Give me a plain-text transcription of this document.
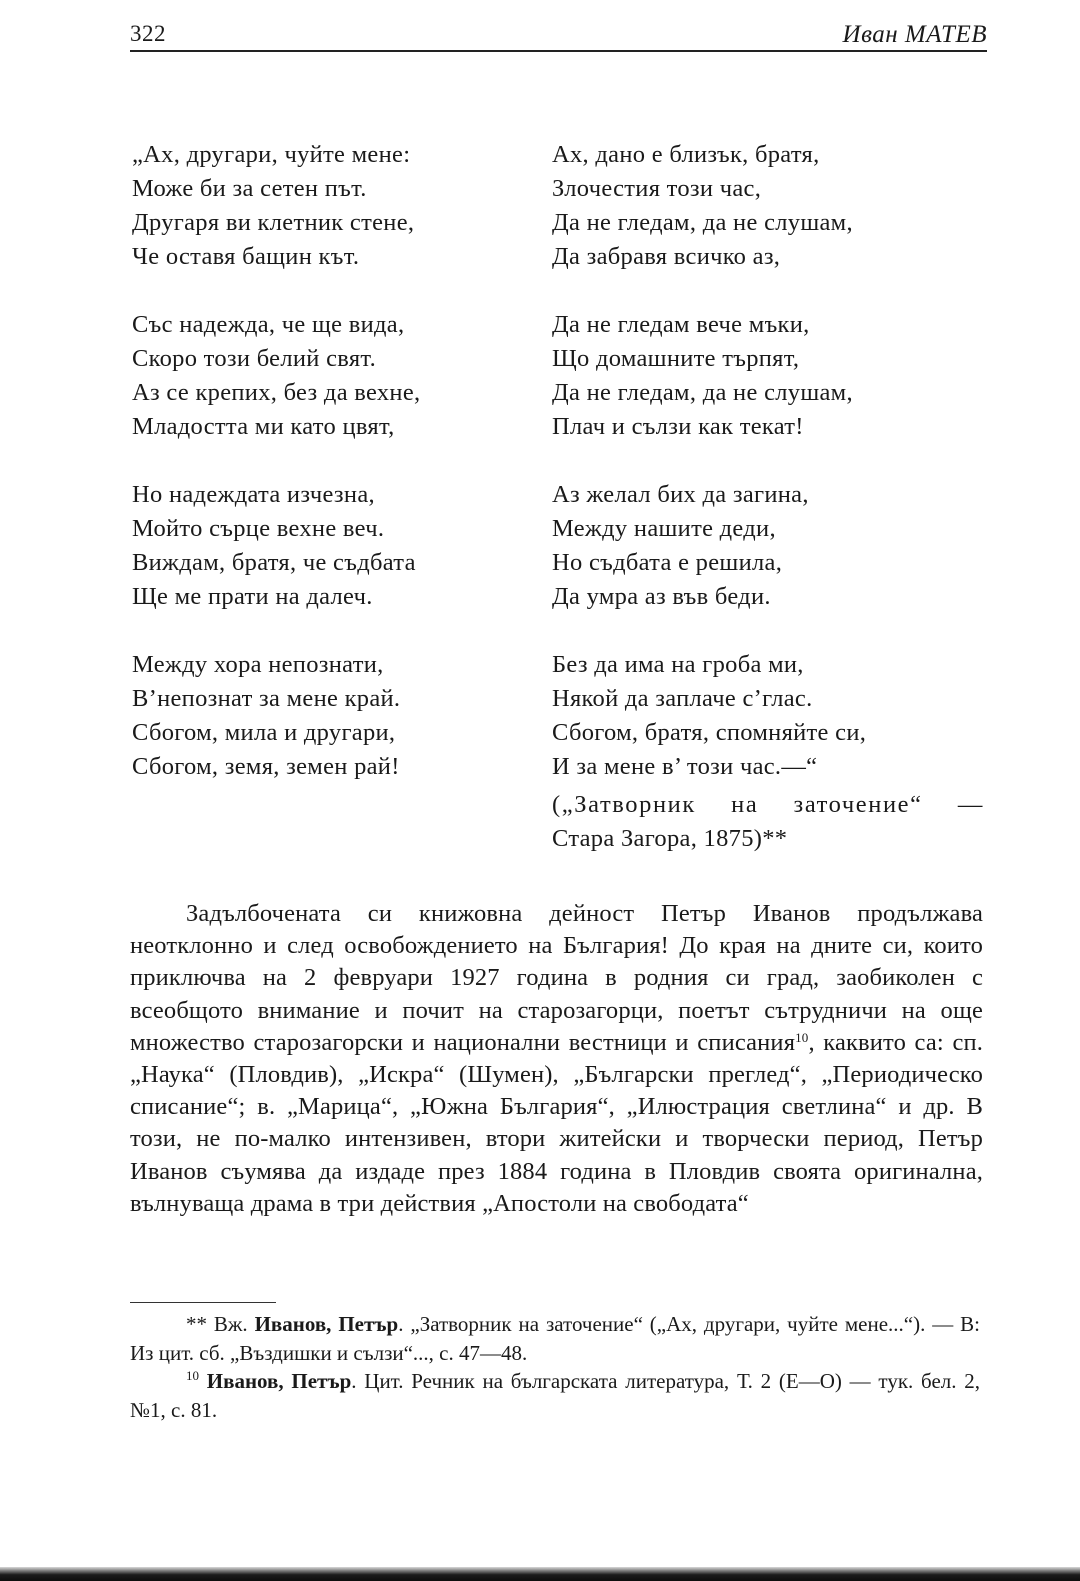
322	Иван МАТЕВ
„Ах, другари, чуйте мене:
Може би за сетен път.
Другаря ви клетник стене,
Че оставя бащин кът.
Със надежда, че ще вида,
Скоро този белий свят.
Аз се крепих, без да вехне,
Младостта ми като цвят,
Но надеждата изчезна,
Мойто сърце вехне веч.
Виждам, братя, че съдбата
Ще ме прати на далеч.
Между хора непознати,
В’непознат за мене край.
Сбогом, мила и другари,
Сбогом, земя, земен рай!
Ах, дано е близък, братя,
Злочестия този час,
Да не гледам, да не слушам,
Да забравя всичко аз,
Да не гледам вече мъки,
Що домашните търпят,
Да не гледам, да не слушам,
Плач и сълзи как текат!
Аз желал бих да загина,
Между нашите деди,
Но съдбата е решила,
Да умра аз във беди.
Без да има на гроба ми,
Някой да заплаче с’глас.
Сбогом, братя, спомняйте си,
И за мене в’ този час.—“
(„Затворник на заточение“ —
Стара Загора, 1875)**

Задълбочената си книжовна дейност Петър Иванов продължава неотклонно и след освобождението на България! До края на дните си, които приключва на 2 февруари 1927 година в родния си град, заобиколен с всеобщото внимание и почит на старозагорци, поетът сътрудничи на още множество старозагорски и национални вестници и списания$^{10}$, каквито са: сп. „Наука“ (Пловдив), „Искра“ (Шумен), „Български преглед“, „Периодическо списание“; в. „Марица“, „Южна България“, „Илюстрация светлина“ и др. В този, не по-малко интензивен, втори житейски и творчески период, Петър Иванов съумява да издаде през 1884 година в Пловдив своята оригинална, вълнуваща драма в три действия „Апостоли на свободата“

** Вж. Иванов, Петър. „Затворник на заточение“ („Ах, другари, чуйте мене...“). — В: Из цит. сб. „Въздишки и сълзи“..., с. 47—48.

$^{10}$ Иванов, Петър. Цит. Речник на българската литература, Т. 2 (Е—О) — тук. бел. 2, №1, с. 81.
